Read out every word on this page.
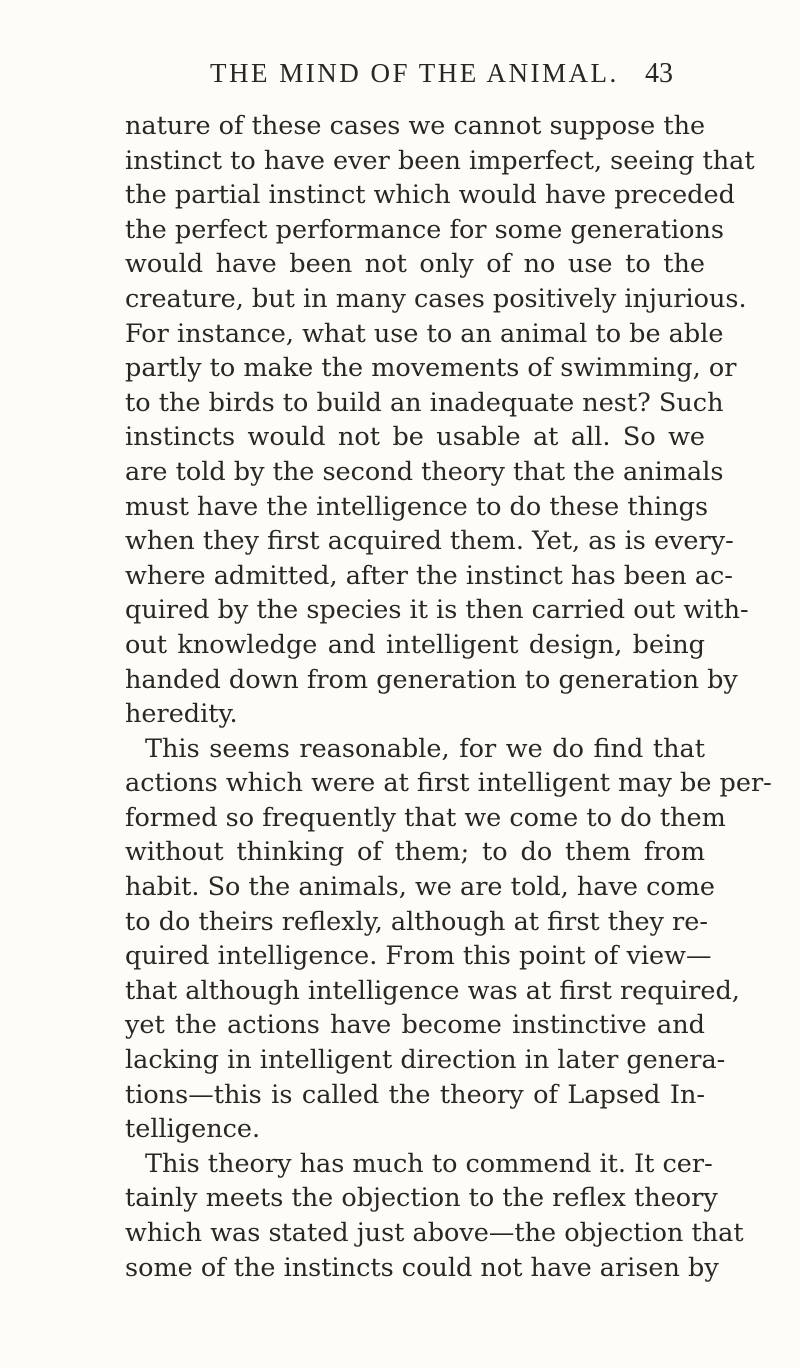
THE MIND OF THE ANIMAL. 43
nature of these cases we cannot suppose the
instinct to have ever been imperfect, seeing that
the partial instinct which would have preceded
the perfect performance for some generations
would have been not only of no use to the
creature, but in many cases positively injurious.
For instance, what use to an animal to be able
partly to make the movements of swimming, or
to the birds to build an inadequate nest? Such
instincts would not be usable at all. So we
are told by the second theory that the animals
must have the intelligence to do these things
when they first acquired them. Yet, as is every-
where admitted, after the instinct has been ac-
quired by the species it is then carried out with-
out knowledge and intelligent design, being
handed down from generation to generation by
heredity.
This seems reasonable, for we do find that
actions which were at first intelligent may be per-
formed so frequently that we come to do them
without thinking of them; to do them from
habit. So the animals, we are told, have come
to do theirs reflexly, although at first they re-
quired intelligence. From this point of view—
that although intelligence was at first required,
yet the actions have become instinctive and
lacking in intelligent direction in later genera-
tions—this is called the theory of Lapsed In-
telligence.
This theory has much to commend it. It cer-
tainly meets the objection to the reflex theory
which was stated just above—the objection that
some of the instincts could not have arisen by
